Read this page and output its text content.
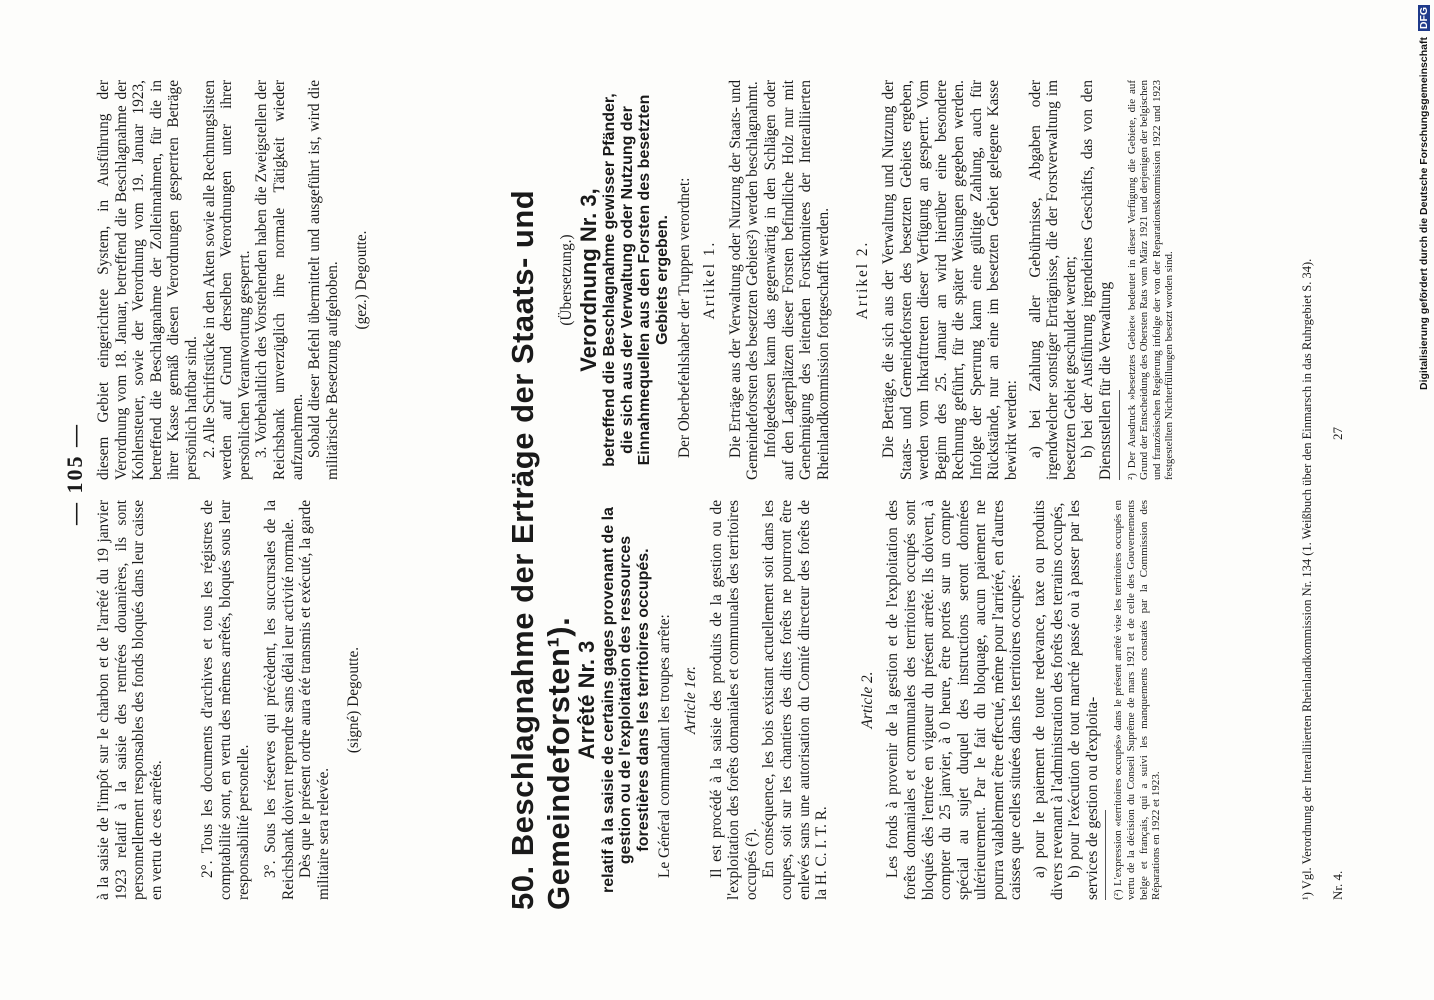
— 105 —

à la saisie de l'impôt sur le charbon et de l'arrêté du 19 janvier 1923 relatif à la saisie des rentrées douanières, ils sont personnellement responsables des fonds bloqués dans leur caisse en vertu de ces arrêtés. 2°. Tous les documents d'archives et tous les régistres de comptabilité sont, en vertu des mêmes arrêtés, bloqués sous leur responsabilité personelle. 3°. Sous les réserves qui précèdent, les succursales de la Reichsbank doivent reprendre sans délai leur activité normale. Dès que le présent ordre aura été transmis et exécuté, la garde militaire sera relevée.

(signé) Degoutte.

diesem Gebiet eingerichtete System, in Ausführung der Verordnung vom 18. Januar, betreffend die Beschlagnahme der Kohlensteuer, sowie der Verordnung vom 19. Januar 1923, betreffend die Beschlagnahme der Zolleinnahmen, für die in ihrer Kasse gemäß diesen Verordnungen gesperrten Beträge persönlich haftbar sind. 2. Alle Schriftstücke in den Akten sowie alle Rechnungslisten werden auf Grund derselben Verordnungen unter ihrer persönlichen Verantwortung gesperrt. 3. Vorbehaltlich des Vorstehenden haben die Zweigstellen der Reichsbank unverzüglich ihre normale Tätigkeit wieder aufzunehmen. Sobald dieser Befehl übermittelt und ausgeführt ist, wird die militärische Besetzung aufgehoben. (gez.) Degoutte.	50. Beschlagnahme der Erträge der Staats- und Gemeindeforsten¹).

Arrêté Nr. 3 relatif à la saisie de certains gages provenant de la gestion ou de l'exploitation des ressources forestières dans les territoires occupés. Le Général commandant les troupes arrête: Article 1er. Il est procédé à la saisie des produits de la gestion ou de l'exploitation des forêts domaniales et communales des territoires occupés (²). En conséquence, les bois existant actuellement soit dans les coupes, soit sur les chantiers des dites forêts ne pourront être enlevés sans une autorisation du Comité directeur des forêts de la H. C. I. T. R.

Article 2. Les fonds à provenir de la gestion et de l'exploitation des forêts domaniales et communales des territoires occupés sont bloqués dès l'entrée en vigueur du présent arrêté. Ils doivent, à compter du 25 janvier, à 0 heure, être portés sur un compte spécial au sujet duquel des instructions seront données ultérieurement. Par le fait du bloquage, aucun paiement ne pourra valablement être effectué, même pour l'arriéré, en d'autres caisses que celles situées dans les territoires occupés: a) pour le paiement de toute redevance, taxe ou produits divers revenant à l'administration des forêts des terrains occupés, b) pour l'exécution de tout marché passé ou à passer par les services de gestion ou d'exploita- (²) L'expression «territoires occupés» dans le présent arrêté vise les territoires occupés en vertu de la décision du Conseil Suprême de mars 1921 et de celle des Gouvernements belge et français, qui a suivi les manquements constatés par la Commission des Réparations en 1922 et 1923.

(Übersetzung.) Verordnung Nr. 3, betreffend die Beschlagnahme gewisser Pfänder, die sich aus der Verwaltung oder Nutzung der Einnahmequellen aus den Forsten des besetzten Gebiets ergeben. Der Oberbefehlshaber der Truppen verordnet: Artikel 1. Die Erträge aus der Verwaltung oder Nutzung der Staats- und Gemeindeforsten des besetzten Gebiets²) werden beschlagnahmt. Infolgedessen kann das gegenwärtig in den Schlägen oder auf den Lagerplätzen dieser Forsten befindliche Holz nur mit Genehmigung des leitenden Forstkomitees der Interalliierten Rheinlandkommission fortgeschafft werden. Artikel 2. Die Beträge, die sich aus der Verwaltung und Nutzung der Staats- und Gemeindeforsten des besetzten Gebiets ergeben, werden vom Inkrafttreten dieser Verfügung an gesperrt. Vom Beginn des 25. Januar an wird hierüber eine besondere Rechnung geführt, für die später Weisungen gegeben werden. Infolge der Sperrung kann eine gültige Zahlung, auch für Rückstände, nur an eine im besetzten Gebiet gelegene Kasse bewirkt werden: a) bei Zahlung aller Gebührnisse, Abgaben oder irgendwelcher sonstiger Erträgnisse, die der Forstverwaltung im besetzten Gebiet geschuldet werden; b) bei der Ausführung irgendeines Geschäfts, das von den Dienststellen für die Verwaltung ²) Der Ausdruck »besetztes Gebiet« bedeutet in dieser Verfügung die Gebiete, die auf Grund der Entscheidung des Obersten Rats vom März 1921 und derjenigen der belgischen und französischen Regierung infolge der von der Reparationskommission 1922 und 1923 festgestellten Nichterfüllungen besetzt worden sind.	¹) Vgl. Verordnung der Interalliierten Rheinlandkommission Nr. 134 (1. Weißbuch über den Einmarsch in das Ruhrgebiet S. 34). Nr. 4.
27
Digitalisierung gefördert durch die Deutsche Forschungsgemeinschaft DFG
